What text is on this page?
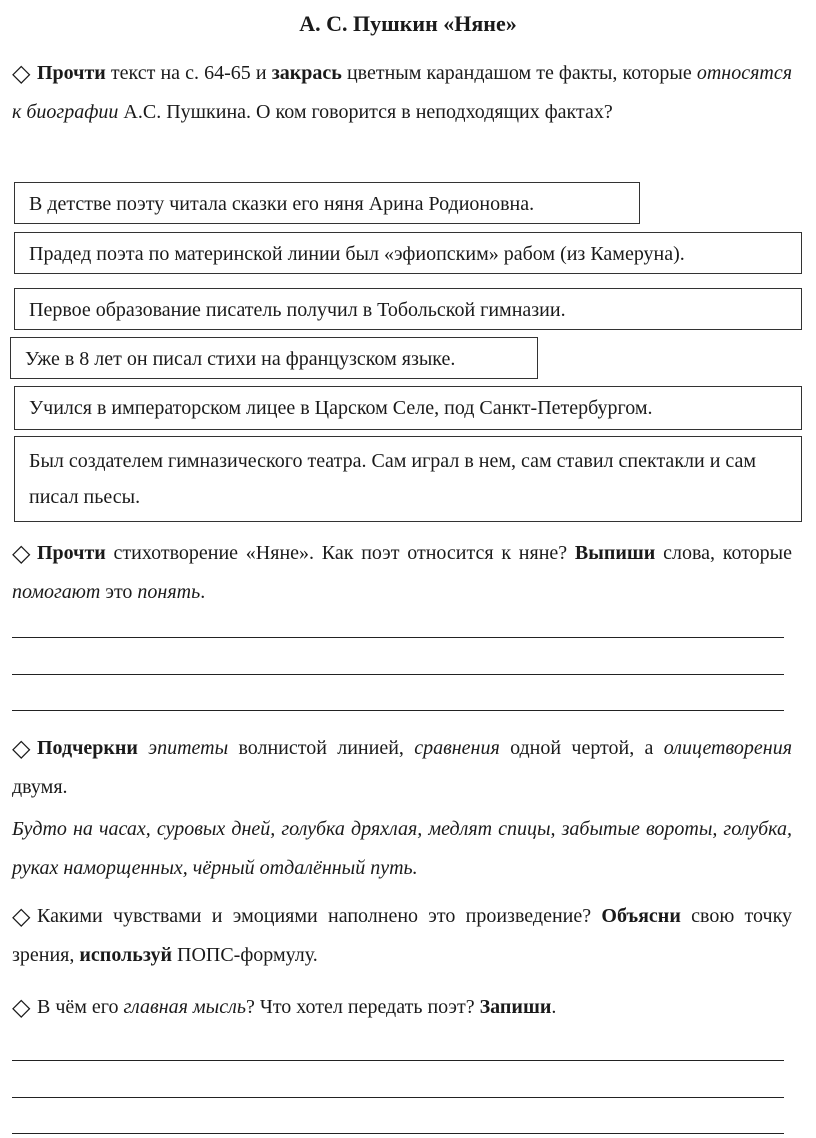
А. С. Пушкин «Няне»
◇ Прочти текст на с. 64-65 и закрась цветным карандашом те факты, которые относятся к биографии А.С. Пушкина. О ком говорится в неподходящих фактах?
В детстве поэту читала сказки его няня Арина Родионовна.
Прадед поэта по материнской линии был «эфиопским» рабом (из Камеруна).
Первое образование писатель получил в Тобольской гимназии.
Уже в 8 лет он писал стихи на французском языке.
Учился в императорском лицее в Царском Селе, под Санкт-Петербургом.
Был создателем гимназического театра. Сам играл в нем, сам ставил спектакли и сам писал пьесы.
◇ Прочти стихотворение «Няне». Как поэт относится к няне? Выпиши слова, которые помогают это понять.
◇ Подчеркни эпитеты волнистой линией, сравнения одной чертой, а олицетворения двумя.
Будто на часах, суровых дней, голубка дряхлая, медлят спицы, забытые вороты, голубка, руках наморщенных, чёрный отдалённый путь.
◇ Какими чувствами и эмоциями наполнено это произведение? Объясни свою точку зрения, используй ПОПС-формулу.
◇ В чём его главная мысль? Что хотел передать поэт? Запиши.
